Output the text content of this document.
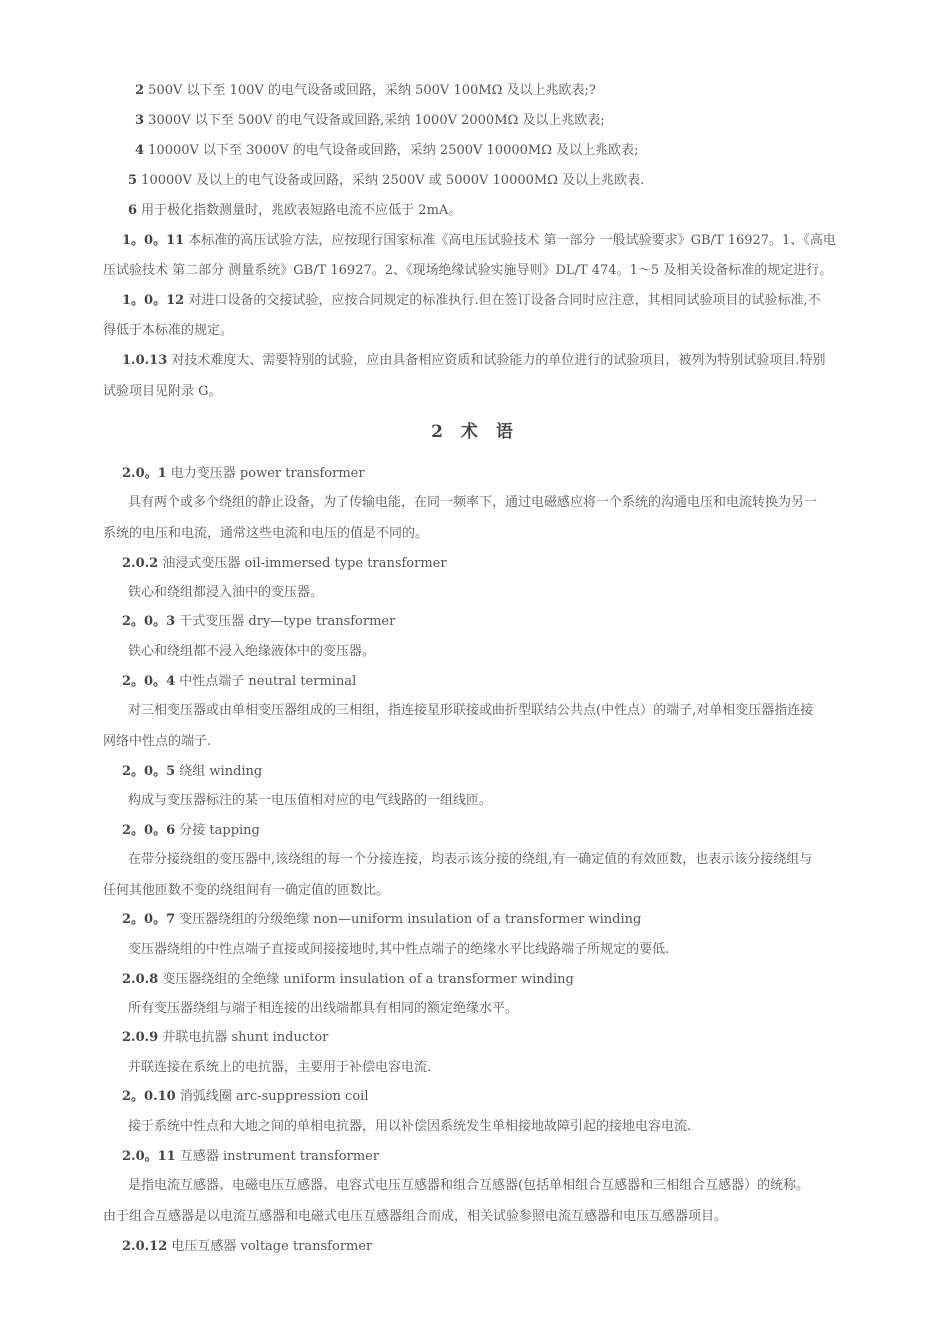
2 500V 以下至 100V 的电气设备或回路，采纳 500V 100MΩ 及以上兆欧表;?
3 3000V 以下至 500V 的电气设备或回路,采纳 1000V 2000MΩ 及以上兆欧表;
4 10000V 以下至 3000V 的电气设备或回路，采纳 2500V 10000MΩ 及以上兆欧表;
5 10000V 及以上的电气设备或回路，采纳 2500V 或 5000V 10000MΩ 及以上兆欧表.
6 用于极化指数测量时，兆欧表短路电流不应低于 2mA。
1。0。11 本标准的高压试验方法，应按现行国家标准《高电压试验技术 第一部分 一般试验要求》GB/T 16927。1、《高电
压试验技术 第二部分 测量系统》GB/T 16927。2、《现场绝缘试验实施导则》DL/T 474。1～5 及相关设备标准的规定进行。
1。0。12 对进口设备的交接试验，应按合同规定的标准执行.但在签订设备合同时应注意，其相同试验项目的试验标准,不
得低于本标准的规定。
1.0.13 对技术难度大、需要特别的试验，应由具备相应资质和试验能力的单位进行的试验项目，被列为特别试验项目.特别
试验项目见附录 G。
2 术 语
2.0。1 电力变压器 power transformer
具有两个或多个绕组的静止设备，为了传输电能，在同一频率下，通过电磁感应将一个系统的沟通电压和电流转换为另一
系统的电压和电流，通常这些电流和电压的值是不同的。
2.0.2 油浸式变压器 oil-immersed type transformer
铁心和绕组都浸入油中的变压器。
2。0。3 干式变压器 dry—type transformer
铁心和绕组都不浸入绝缘液体中的变压器。
2。0。4 中性点端子 neutral terminal
对三相变压器或由单相变压器组成的三相组，指连接星形联接或曲折型联结公共点(中性点）的端子,对单相变压器指连接
网络中性点的端子.
2。0。5 绕组 winding
构成与变压器标注的某一电压值相对应的电气线路的一组线匝。
2。0。6 分接 tapping
在带分接绕组的变压器中,该绕组的每一个分接连接，均表示该分接的绕组,有一确定值的有效匝数，也表示该分接绕组与
任何其他匝数不变的绕组间有一确定值的匝数比。
2。0。7 变压器绕组的分级绝缘 non—uniform insulation of a transformer winding
变压器绕组的中性点端子直接或间接接地时,其中性点端子的绝缘水平比线路端子所规定的要低.
2.0.8 变压器绕组的全绝缘 uniform insulation of a transformer winding
所有变压器绕组与端子相连接的出线端都具有相同的额定绝缘水平。
2.0.9 并联电抗器 shunt inductor
并联连接在系统上的电抗器，主要用于补偿电容电流.
2。0.10 消弧线圈 arc-suppression coil
接于系统中性点和大地之间的单相电抗器，用以补偿因系统发生单相接地故障引起的接地电容电流.
2.0。11 互感器 instrument transformer
是指电流互感器、电磁电压互感器、电容式电压互感器和组合互感器(包括单相组合互感器和三相组合互感器）的统称。
由于组合互感器是以电流互感器和电磁式电压互感器组合而成，相关试验参照电流互感器和电压互感器项目。
2.0.12 电压互感器 voltage transformer
